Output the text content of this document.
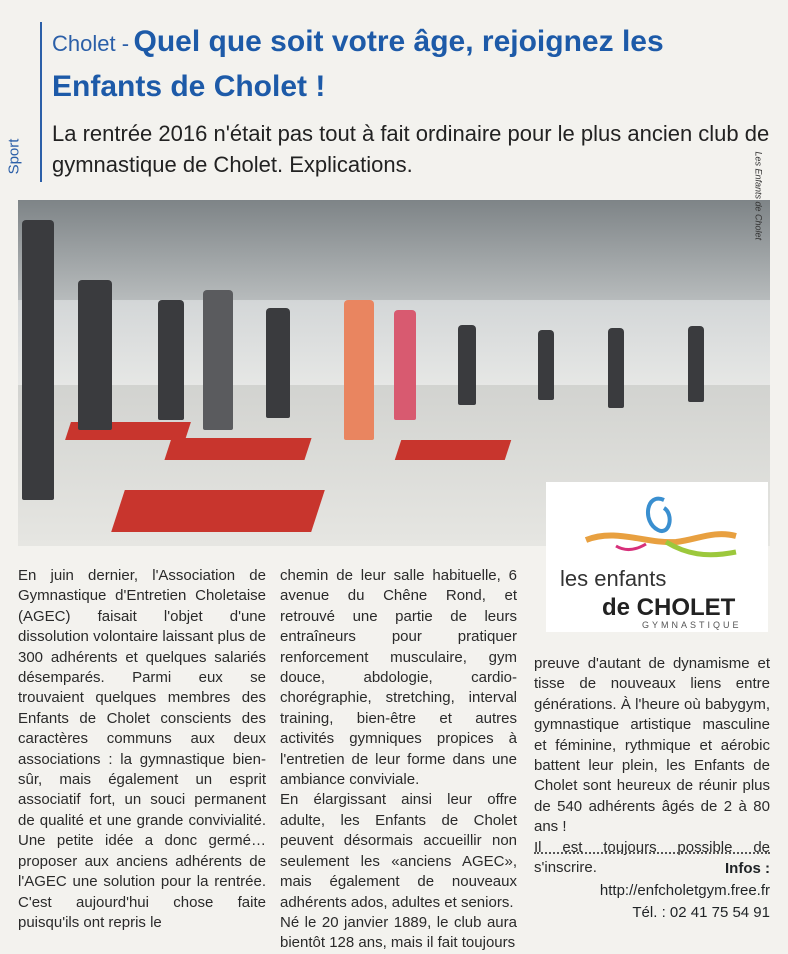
Sport
Cholet - Quel que soit votre âge, rejoignez les Enfants de Cholet !
La rentrée 2016 n'était pas tout à fait ordinaire pour le plus ancien club de gymnastique de Cholet. Explications.	Les Enfants de Cholet
les enfants
de CHOLET
GYMNASTIQUE

En juin dernier, l'Association de Gymnastique d'Entretien Choletaise (AGEC) faisait l'objet d'une dissolution volontaire laissant plus de 300 adhérents et quelques salariés désemparés. Parmi eux se trouvaient quelques membres des Enfants de Cholet conscients des caractères communs aux deux associations : la gymnastique bien-sûr, mais également un esprit associatif fort, un souci permanent de qualité et une grande convivialité. Une petite idée a donc germé… proposer aux anciens adhérents de l'AGEC une solution pour la rentrée. C'est aujourd'hui chose faite puisqu'ils ont repris le

chemin de leur salle habituelle, 6 avenue du Chêne Rond, et retrouvé une partie de leurs entraîneurs pour pratiquer renforcement musculaire, gym douce, abdologie, cardio-chorégraphie, stretching, interval training, bien-être et autres activités gymniques propices à l'entretien de leur forme dans une ambiance conviviale.

En élargissant ainsi leur offre adulte, les Enfants de Cholet peuvent désormais accueillir non seulement les «anciens AGEC», mais également de nouveaux adhérents ados, adultes et seniors.

Né le 20 janvier 1889, le club aura bientôt 128 ans, mais il fait toujours

preuve d'autant de dynamisme et tisse de nouveaux liens entre générations. À l'heure où babygym, gymnastique artistique masculine et féminine, rythmique et aérobic battent leur plein, les Enfants de Cholet sont heureux de réunir plus de 540 adhérents âgés de 2 à 80 ans !

Il est toujours possible de s'inscrire.	Infos :
http://enfcholetgym.free.fr
Tél. : 02 41 75 54 91
